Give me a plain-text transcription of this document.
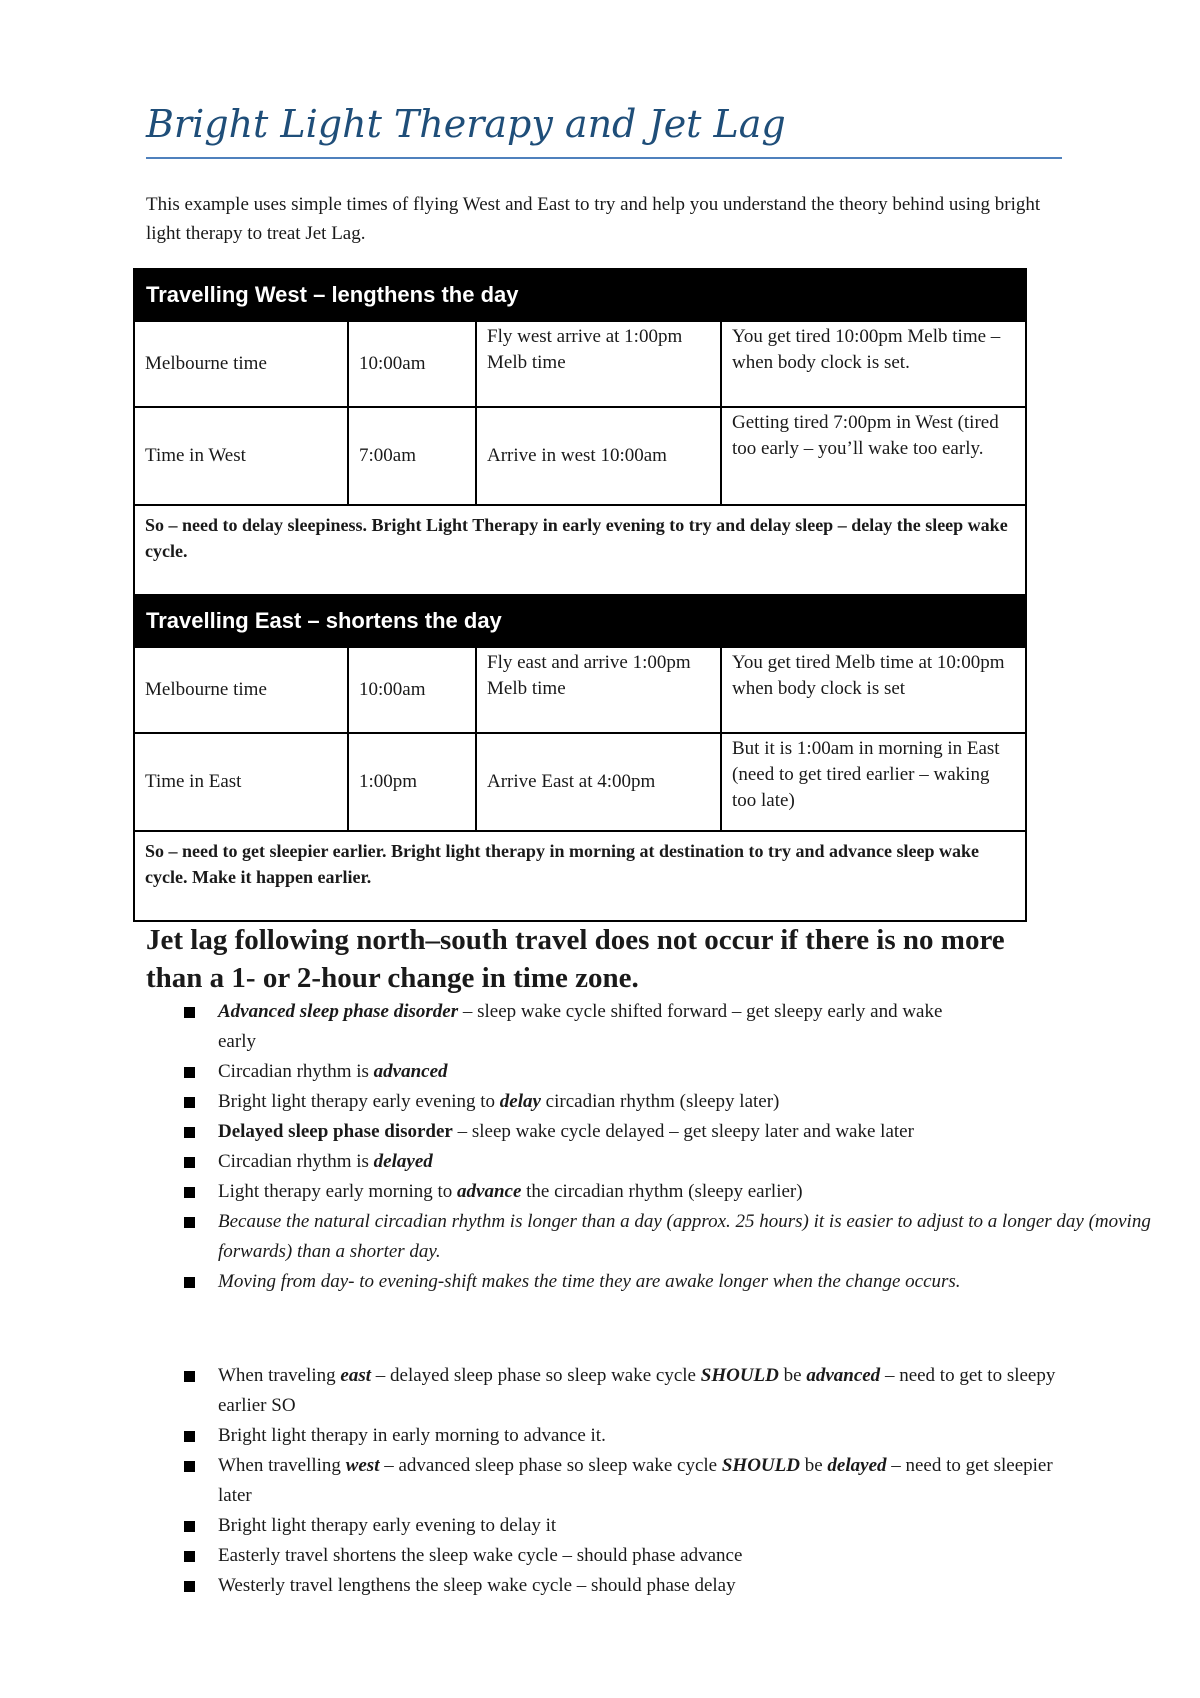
Bright Light Therapy and Jet Lag
This example uses simple times of flying West and East to try and help you understand the theory behind using bright light therapy to treat Jet Lag.
Travelling West – lengthens the day			
Melbourne time	10:00am	Fly west arrive at 1:00pm Melb time	You get tired 10:00pm Melb time – when body clock is set.
Time in West	7:00am	Arrive in west 10:00am	Getting tired 7:00pm in West (tired too early – you’ll wake too early.
So – need to delay sleepiness. Bright Light Therapy in early evening to try and delay sleep – delay the sleep wake cycle.			
Travelling East – shortens the day			
Melbourne time	10:00am	Fly east and arrive 1:00pm Melb time	You get tired Melb time at 10:00pm when body clock is set
Time in East	1:00pm	Arrive East at 4:00pm	But it is 1:00am in morning in East (need to get tired earlier – waking too late)
So – need to get sleepier earlier. Bright light therapy in morning at destination to try and advance sleep wake cycle. Make it happen earlier.			
Jet lag following north–south travel does not occur if there is no more than a 1- or 2-hour change in time zone.
Advanced sleep phase disorder – sleep wake cycle shifted forward – get sleepy early and wake early
Circadian rhythm is advanced
Bright light therapy early evening to delay circadian rhythm (sleepy later)
Delayed sleep phase disorder – sleep wake cycle delayed – get sleepy later and wake later
Circadian rhythm is delayed
Light therapy early morning to advance the circadian rhythm (sleepy earlier)
Because the natural circadian rhythm is longer than a day (approx. 25 hours) it is easier to adjust to a longer day (moving forwards) than a shorter day.
Moving from day- to evening-shift makes the time they are awake longer when the change occurs.
When traveling east – delayed sleep phase so sleep wake cycle SHOULD be advanced – need to get to sleepy earlier SO
Bright light therapy in early morning to advance it.
When travelling west – advanced sleep phase so sleep wake cycle SHOULD be delayed – need to get sleepier later
Bright light therapy early evening to delay it
Easterly travel shortens the sleep wake cycle – should phase advance
Westerly travel lengthens the sleep wake cycle – should phase delay
